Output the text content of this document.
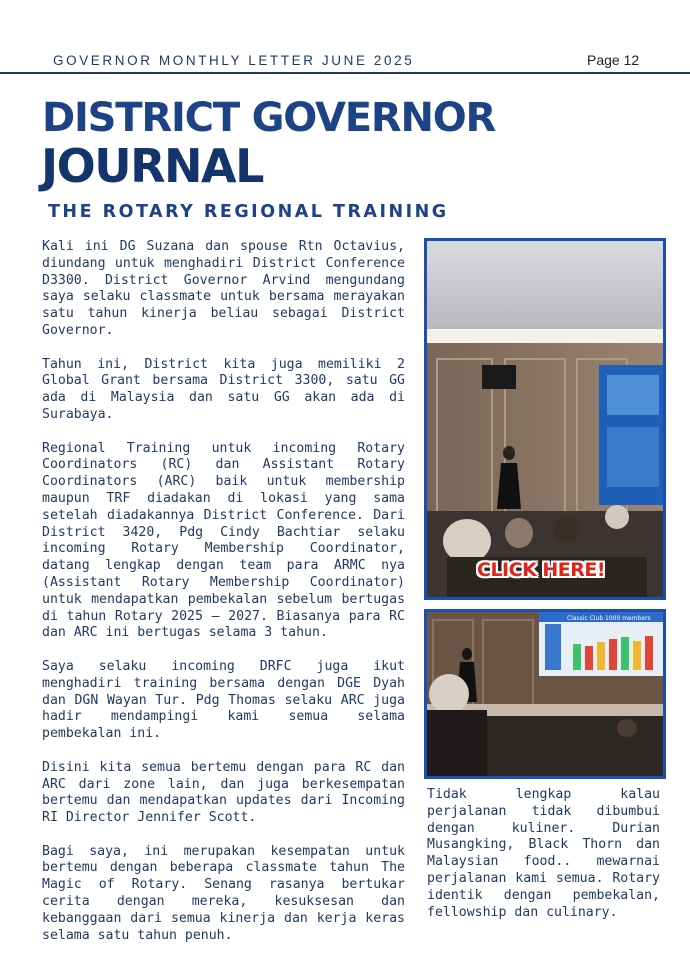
GOVERNOR MONTHLY LETTER JUNE 2025	Page 12
DISTRICT GOVERNOR
JOURNAL
THE ROTARY REGIONAL TRAINING

Kali ini DG Suzana dan spouse Rtn Octavius, diundang untuk menghadiri District Conference D3300. District Governor Arvind mengundang saya selaku classmate untuk bersama merayakan satu tahun kinerja beliau sebagai District Governor.

Tahun ini, District kita juga memiliki 2 Global Grant bersama District 3300, satu GG ada di Malaysia dan satu GG akan ada di Surabaya.

Regional Training untuk incoming Rotary Coordinators (RC) dan Assistant Rotary Coordinators (ARC) baik untuk membership maupun TRF diadakan di lokasi yang sama setelah diadakannya District Conference. Dari District 3420, Pdg Cindy Bachtiar selaku incoming Rotary Membership Coordinator, datang lengkap dengan team para ARMC nya (Assistant Rotary Membership Coordinator) untuk mendapatkan pembekalan sebelum bertugas di tahun Rotary 2025 – 2027. Biasanya para RC dan ARC ini bertugas selama 3 tahun.

Saya selaku incoming DRFC juga ikut menghadiri training bersama dengan DGE Dyah dan DGN Wayan Tur. Pdg Thomas selaku ARC juga hadir mendampingi kami semua selama pembekalan ini.

Disini kita semua bertemu dengan para RC dan ARC dari zone lain, dan juga berkesempatan bertemu dan mendapatkan updates dari Incoming RI Director Jennifer Scott.

Bagi saya, ini merupakan kesempatan untuk bertemu dengan beberapa classmate tahun The Magic of Rotary. Senang rasanya bertukar cerita dengan mereka, kesuksesan dan kebanggaan dari semua kinerja dan kerja keras selama satu tahun penuh.

CLICK HERE!
Classic Club 1000 members

Tidak lengkap kalau perjalanan tidak dibumbui dengan kuliner. Durian Musangking, Black Thorn dan Malaysian food.. mewarnai perjalanan kami semua. Rotary identik dengan pembekalan, fellowship dan culinary.
